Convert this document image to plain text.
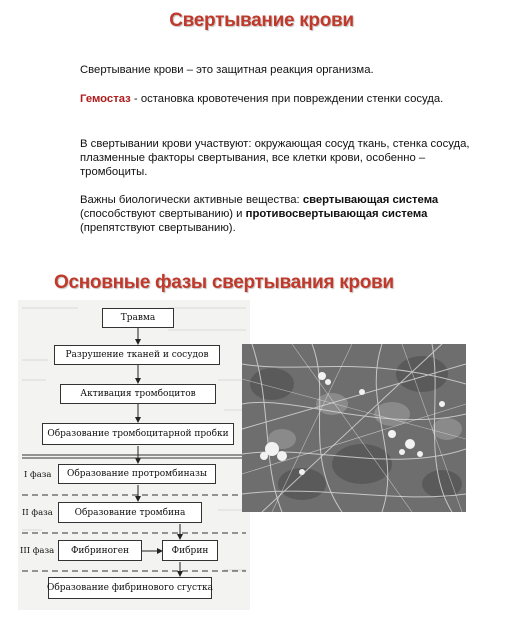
Свертывание крови
Свертывание крови – это защитная реакция организма.
Гемостаз - остановка кровотечения при повреждении стенки сосуда.
В свертывании крови участвуют: окружающая сосуд ткань, стенка сосуда, плазменные факторы свертывания, все клетки крови, особенно – тромбоциты.
Важны биологически активные вещества: свертывающая система (способствуют свертыванию) и противосвертывающая система (препятствуют свертыванию).
Основные фазы свертывания крови
Травма
Разрушение тканей и сосудов
Активация тромбоцитов
Образование тромбоцитарной пробки
I фаза	Образование протромбиназы
II фаза	Образование тромбина
III фаза	Фибриноген	Фибрин
Образование фибринового сгустка
